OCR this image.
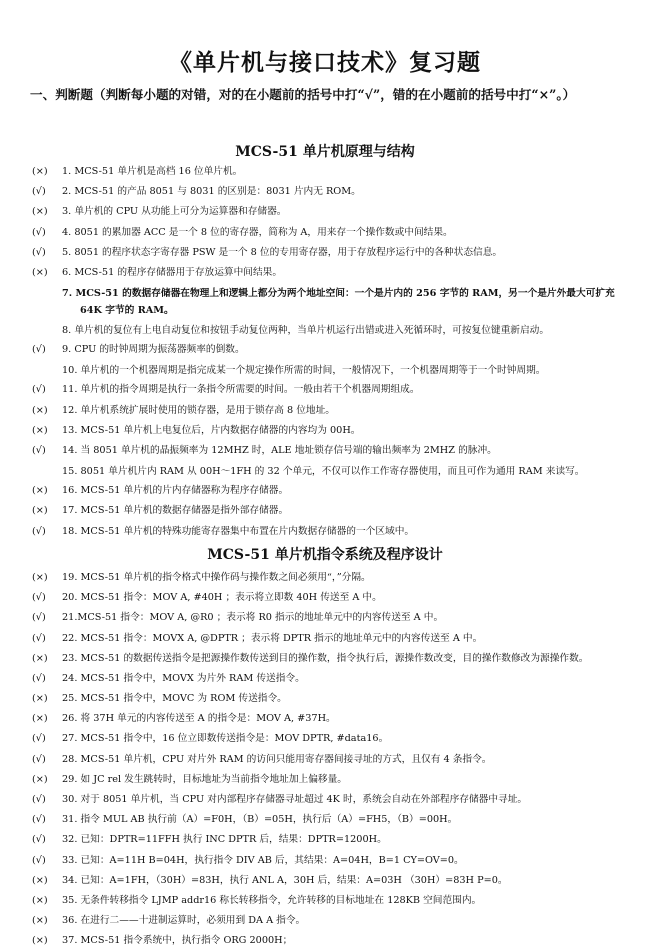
《单片机与接口技术》复习题

一、判断题（判断每小题的对错，对的在小题前的括号中打“√”，错的在小题前的括号中打“×”。）

MCS-51 单片机原理与结构
(×) 1. MCS-51 单片机是高档 16 位单片机。
(√) 2. MCS-51 的产品 8051 与 8031 的区别是：8031 片内无 ROM。
(×) 3. 单片机的 CPU 从功能上可分为运算器和存储器。
(√) 4. 8051 的累加器 ACC 是一个 8 位的寄存器，简称为 A，用来存一个操作数或中间结果。
(√) 5. 8051 的程序状态字寄存器 PSW 是一个 8 位的专用寄存器，用于存放程序运行中的各种状态信息。
(×) 6. MCS-51 的程序存储器用于存放运算中间结果。
7. MCS-51 的数据存储器在物理上和逻辑上都分为两个地址空间：一个是片内的 256 字节的 RAM，另一个是片外最大可扩充 64K 字节的 RAM。
8. 单片机的复位有上电自动复位和按钮手动复位两种，当单片机运行出错或进入死循环时，可按复位键重新启动。
(√) 9. CPU 的时钟周期为振荡器频率的倒数。
10. 单片机的一个机器周期是指完成某一个规定操作所需的时间，一般情况下，一个机器周期等于一个时钟周期。
(√) 11. 单片机的指令周期是执行一条指令所需要的时间。一般由若干个机器周期组成。
(×) 12. 单片机系统扩展时使用的锁存器，是用于锁存高 8 位地址。
(×) 13. MCS-51 单片机上电复位后，片内数据存储器的内容均为 00H。
(√) 14. 当 8051 单片机的晶振频率为 12MHZ 时，ALE 地址锁存信号端的输出频率为 2MHZ 的脉冲。
15. 8051 单片机片内 RAM 从 00H～1FH 的 32 个单元，不仅可以作工作寄存器使用，而且可作为通用 RAM 来读写。
(×) 16. MCS-51 单片机的片内存储器称为程序存储器。
(×) 17. MCS-51 单片机的数据存储器是指外部存储器。
(√) 18. MCS-51 单片机的特殊功能寄存器集中布置在片内数据存储器的一个区域中。
MCS-51 单片机指令系统及程序设计
(×) 19. MCS-51 单片机的指令格式中操作码与操作数之间必须用“，”分隔。
(√) 20. MCS-51 指令：MOV A, #40H ；表示将立即数 40H 传送至 A 中。
(√) 21.MCS-51 指令：MOV A, @R0 ；表示将 R0 指示的地址单元中的内容传送至 A 中。
(√) 22. MCS-51 指令：MOVX A, @DPTR ；表示将 DPTR 指示的地址单元中的内容传送至 A 中。
(×) 23. MCS-51 的数据传送指令是把源操作数传送到目的操作数，指令执行后，源操作数改变，目的操作数修改为源操作数。
(√) 24. MCS-51 指令中，MOVX 为片外 RAM 传送指令。
(×) 25. MCS-51 指令中，MOVC 为 ROM 传送指令。
(×) 26. 将 37H 单元的内容传送至 A 的指令是：MOV A, #37H。
(√) 27. MCS-51 指令中，16 位立即数传送指令是：MOV DPTR, #data16。
(√) 28. MCS-51 单片机，CPU 对片外 RAM 的访问只能用寄存器间接寻址的方式，且仅有 4 条指令。
(×) 29. 如 JC rel 发生跳转时，目标地址为当前指令地址加上偏移量。
(√) 30. 对于 8051 单片机，当 CPU 对内部程序存储器寻址超过 4K 时，系统会自动在外部程序存储器中寻址。
(√) 31. 指令 MUL AB 执行前（A）=F0H，（B）=05H，执行后（A）=FH5，（B）=00H。
(√) 32. 已知：DPTR=11FFH 执行 INC DPTR 后，结果：DPTR=1200H。
(√) 33. 已知：A=11H B=04H，执行指令 DIV AB 后，其结果：A=04H，B=1 CY=OV=0。
(×) 34. 已知：A=1FH，（30H）=83H，执行 ANL A，30H 后，结果：A=03H （30H）=83H P=0。
(×) 35. 无条件转移指令 LJMP addr16 称长转移指令，允许转移的目标地址在 128KB 空间范围内。
(×) 36. 在进行二——十进制运算时，必须用到 DA A 指令。
(×) 37. MCS-51 指令系统中，执行指令 ORG 2000H；
